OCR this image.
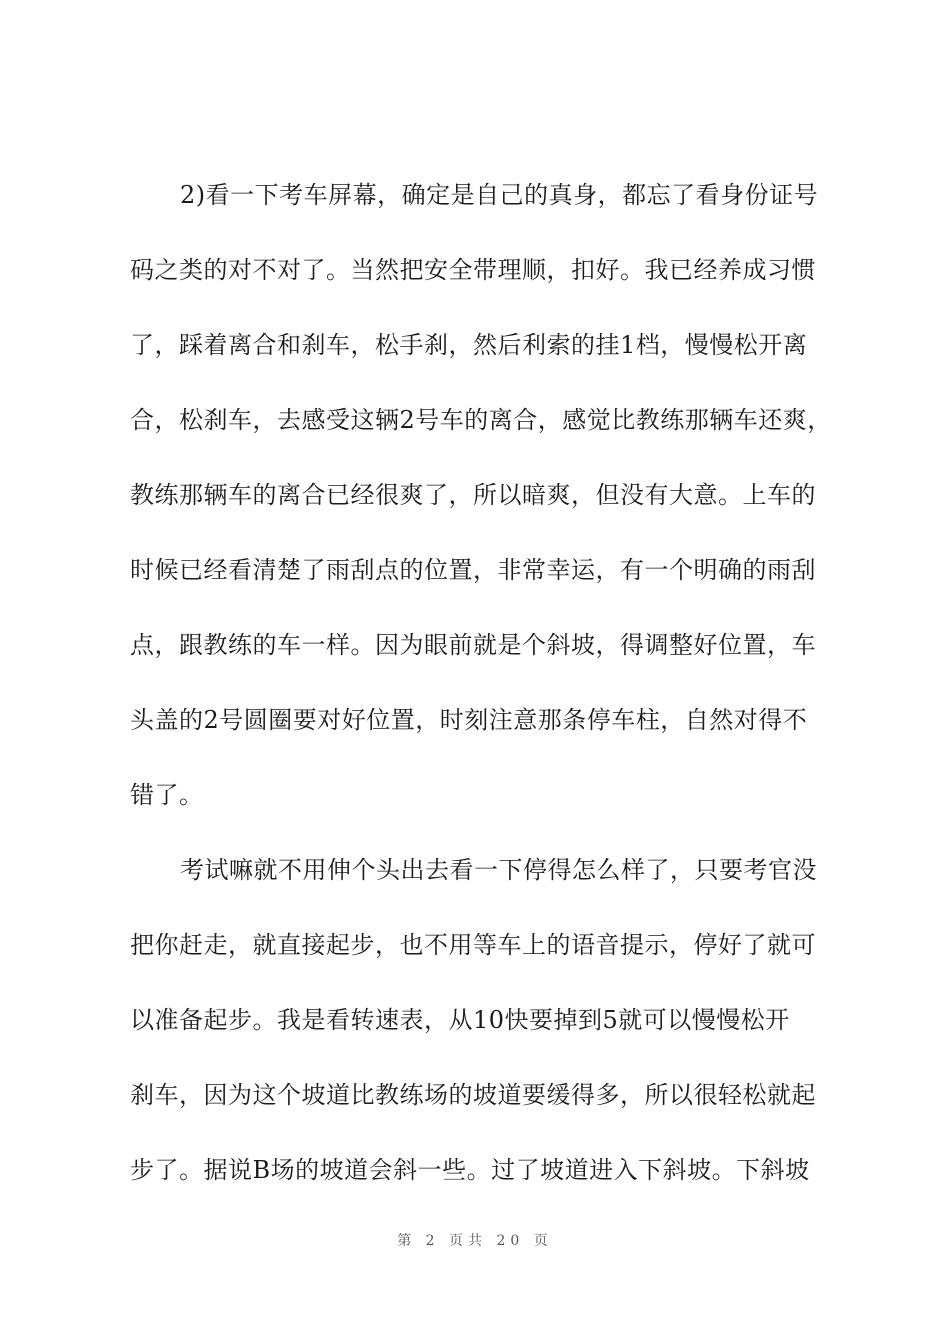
2)看一下考车屏幕，确定是自己的真身，都忘了看身份证号
码之类的对不对了。当然把安全带理顺，扣好。我已经养成习惯
了，踩着离合和刹车，松手刹，然后利索的挂1档，慢慢松开离
合，松刹车，去感受这辆2号车的离合，感觉比教练那辆车还爽，
教练那辆车的离合已经很爽了，所以暗爽，但没有大意。上车的
时候已经看清楚了雨刮点的位置，非常幸运，有一个明确的雨刮
点，跟教练的车一样。因为眼前就是个斜坡，得调整好位置，车
头盖的2号圆圈要对好位置，时刻注意那条停车柱，自然对得不
错了。
考试嘛就不用伸个头出去看一下停得怎么样了，只要考官没
把你赶走，就直接起步，也不用等车上的语音提示，停好了就可
以准备起步。我是看转速表，从10快要掉到5就可以慢慢松开
刹车，因为这个坡道比教练场的坡道要缓得多，所以很轻松就起
步了。据说B场的坡道会斜一些。过了坡道进入下斜坡。下斜坡
第 2 页共 20 页
